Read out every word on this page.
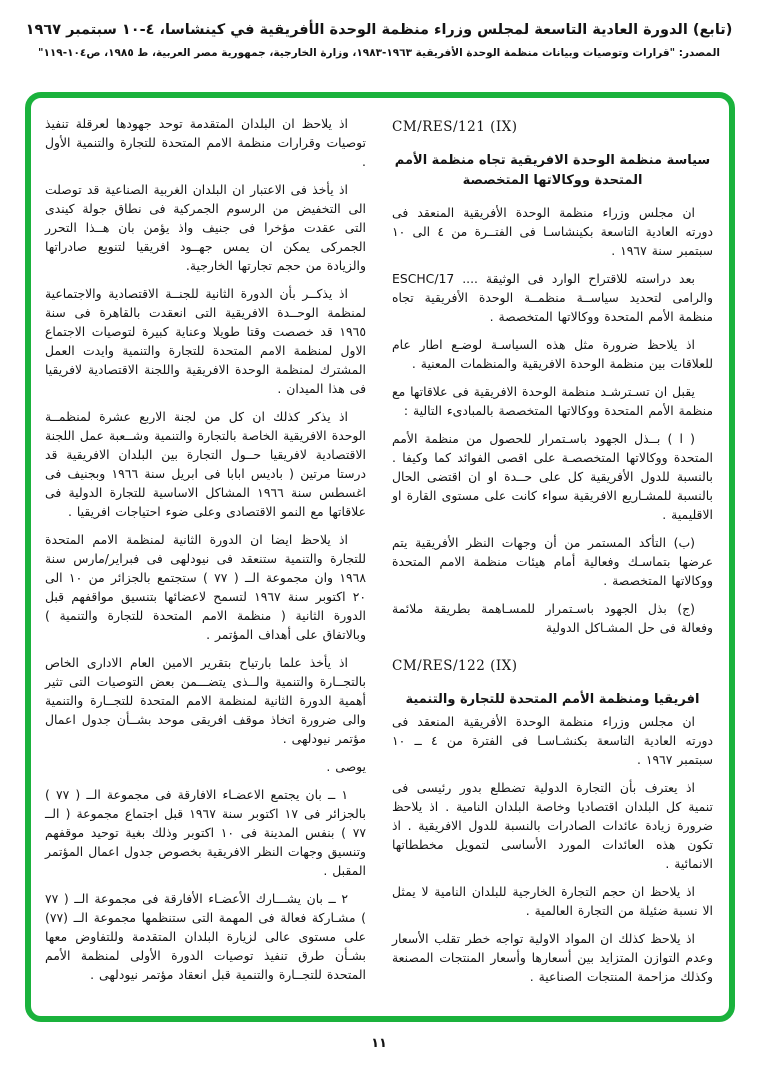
(تابع) الدورة العادية التاسعة لمجلس وزراء منظمة الوحدة الأفريقية في كينشاسا، ٤-١٠ سبتمبر ١٩٦٧
المصدر: "قرارات وتوصيات وبيانات منظمة الوحدة الأفريقية ١٩٦٣-١٩٨٣، وزارة الخارجية، جمهورية مصر العربية، ط ١٩٨٥، ص١٠٤-١١٩"
CM/RES/121 (IX)
سياسة منظمة الوحدة الافريقية تجاه منظمة الأمم المتحدة ووكالاتها المتخصصة

ان مجلس وزراء منظمة الوحدة الأفريقية المنعقد فى دورته العادية التاسعة بكينشاسـا فى الفتــرة من ٤ الى ١٠ سبتمبر سنة ١٩٦٧ .

بعد دراسته للاقتراح الوارد فى الوثيقة .... ESCHC/17 والرامى لتحديد سياســة منظمــة الوحدة الأفريقية تجاه منظمة الأمم المتحدة ووكالاتها المتخصصة .

اذ يلاحظ ضرورة مثل هذه السياسـة لوضـع اطار عام للعلاقات بين منظمة الوحدة الافريقية والمنظمات المعنية .

يقبل ان تسـترشـد منظمة الوحدة الافريقية فى علاقاتها مع منظمة الأمم المتحدة ووكالاتها المتخصصة بالمبادىء التالية :

( ا ) بــذل الجهود باسـتمرار للحصول من منظمة الأمم المتحدة ووكالاتها المتخصصـة على اقصى الفوائد كما وكيفا . بالنسبة للدول الأفريقية كل على حــدة او ان اقتضى الحال بالنسبة للمشـاريع الافريقية سواء كانت على مستوى القارة او الاقليمية .

(ب) التأكد المستمر من أن وجهات النظر الأفريقية يتم عرضها بتماسـك وفعالية أمام هيئات منظمة الامم المتحدة ووكالاتها المتخصصة .

(ج) بذل الجهود باسـتمرار للمسـاهمة بطريقة ملائمة وفعالة فى حل المشـاكل الدولية

CM/RES/122 (IX)
افريقيا ومنظمة الأمم المتحدة للتجارة والتنمية

ان مجلس وزراء منظمة الوحدة الأفريقية المنعقد فى دورته العادية التاسعة بكنشـاسـا فى الفترة من ٤ ــ ١٠ سبتمبر ١٩٦٧ .

اذ يعترف بأن التجارة الدولية تضطلع بدور رئيسى فى تنمية كل البلدان اقتصاديا وخاصة البلدان النامية . اذ يلاحظ ضرورة زيادة عائدات الصادرات بالنسبة للدول الافريقية . اذ تكون هذه العائدات المورد الأساسى لتمويل مخططاتها الانمائية .

اذ يلاحظ ان حجم التجارة الخارجية للبلدان النامية لا يمثل الا نسبة ضئيلة من التجارة العالمية .

اذ يلاحظ كذلك ان المواد الاولية تواجه خطر تقلب الأسعار وعدم التوازن المتزايد بين أسعارها وأسعار المنتجات المصنعة وكذلك مزاحمة المنتجات الصناعية .

اذ يلاحظ ان البلدان المتقدمة توحد جهودها لعرقلة تنفيذ توصيات وقرارات منظمة الامم المتحدة للتجارة والتنمية الأول .

اذ يأخذ فى الاعتبار ان البلدان الغربية الصناعية قد توصلت الى التخفيض من الرسوم الجمركية فى نطاق جولة كيندى التى عقدت مؤخرا فى جنيف واذ يؤمن بان هــذا التحرر الجمركى يمكن ان يمس جهــود افريقيا لتنويع صادراتها والزيادة من حجم تجارتها الخارجية.

اذ يذكــر بأن الدورة الثانية للجنــة الاقتصادية والاجتماعية لمنظمة الوحــدة الافريقية التى انعقدت بالقاهرة فى سنة ١٩٦٥ قد خصصت وقتا طويلا وعناية كبيرة لتوصيات الاجتماع الاول لمنظمة الامم المتحدة للتجارة والتنمية وايدت العمل المشترك لمنظمة الوحدة الافريقية واللجنة الاقتصادية لافريقيا فى هذا الميدان .

اذ يذكر كذلك ان كل من لجنة الاربع عشرة لمنظمــة الوحدة الافريقية الخاصة بالتجارة والتنمية وشــعبة عمل اللجنة الاقتصادية لافريقيا حــول التجارة بين البلدان الافريقية قد درستا مرتين ( باديس ابابا فى ابريل سنة ١٩٦٦ وبجنيف فى اغسطس سنة ١٩٦٦ المشاكل الاساسية للتجارة الدولية فى علاقاتها مع النمو الاقتصادى وعلى ضوء احتياجات افريقيا .

اذ يلاحظ ايضا ان الدورة الثانية لمنظمة الامم المتحدة للتجارة والتنمية ستنعقد فى نيودلهى فى فبراير/مارس سنة ١٩٦٨ وان مجموعة الــ ( ٧٧ ) ستجتمع بالجزائر من ١٠ الى ٢٠ اكتوبر سنة ١٩٦٧ لتسمح لاعضائها بتنسيق مواقفهم قبل الدورة الثانية ( منظمة الامم المتحدة للتجارة والتنمية ) وبالاتفاق على أهداف المؤتمر .

اذ يأخذ علما بارتياح بتقرير الامين العام الادارى الخاص بالتجــارة والتنمية والــذى يتضـــمن بعض التوصيات التى تثير أهمية الدورة الثانية لمنظمة الامم المتحدة للتجــارة والتنمية والى ضرورة اتخاذ موقف افريقى موحد بشــأن جدول اعمال مؤتمر نيودلهى .

يوصى .

١ ــ بان يجتمع الاعضـاء الافارقة فى مجموعة الــ ( ٧٧ ) بالجزائر فى ١٧ اكتوبر سنة ١٩٦٧ قبل اجتماع مجموعة ( الــ ٧٧ ) بنفس المدينة فى ١٠ اكتوبر وذلك بغية توحيد موقفهم وتنسيق وجهات النظر الافريقية بخصوص جدول اعمال المؤتمر المقبل .

٢ ــ بان يشـــارك الأعضـاء الأفارقة فى مجموعة الــ ( ٧٧ ) مشـاركة فعالة فى المهمة التى ستنظمها مجموعة الــ (٧٧) على مستوى عالى لزيارة البلدان المتقدمة وللتفاوض معها بشـأن طرق تنفيذ توصيات الدورة الأولى لمنظمة الأمم المتحدة للتجــارة والتنمية قبل انعقاد مؤتمر نيودلهى .

١١
